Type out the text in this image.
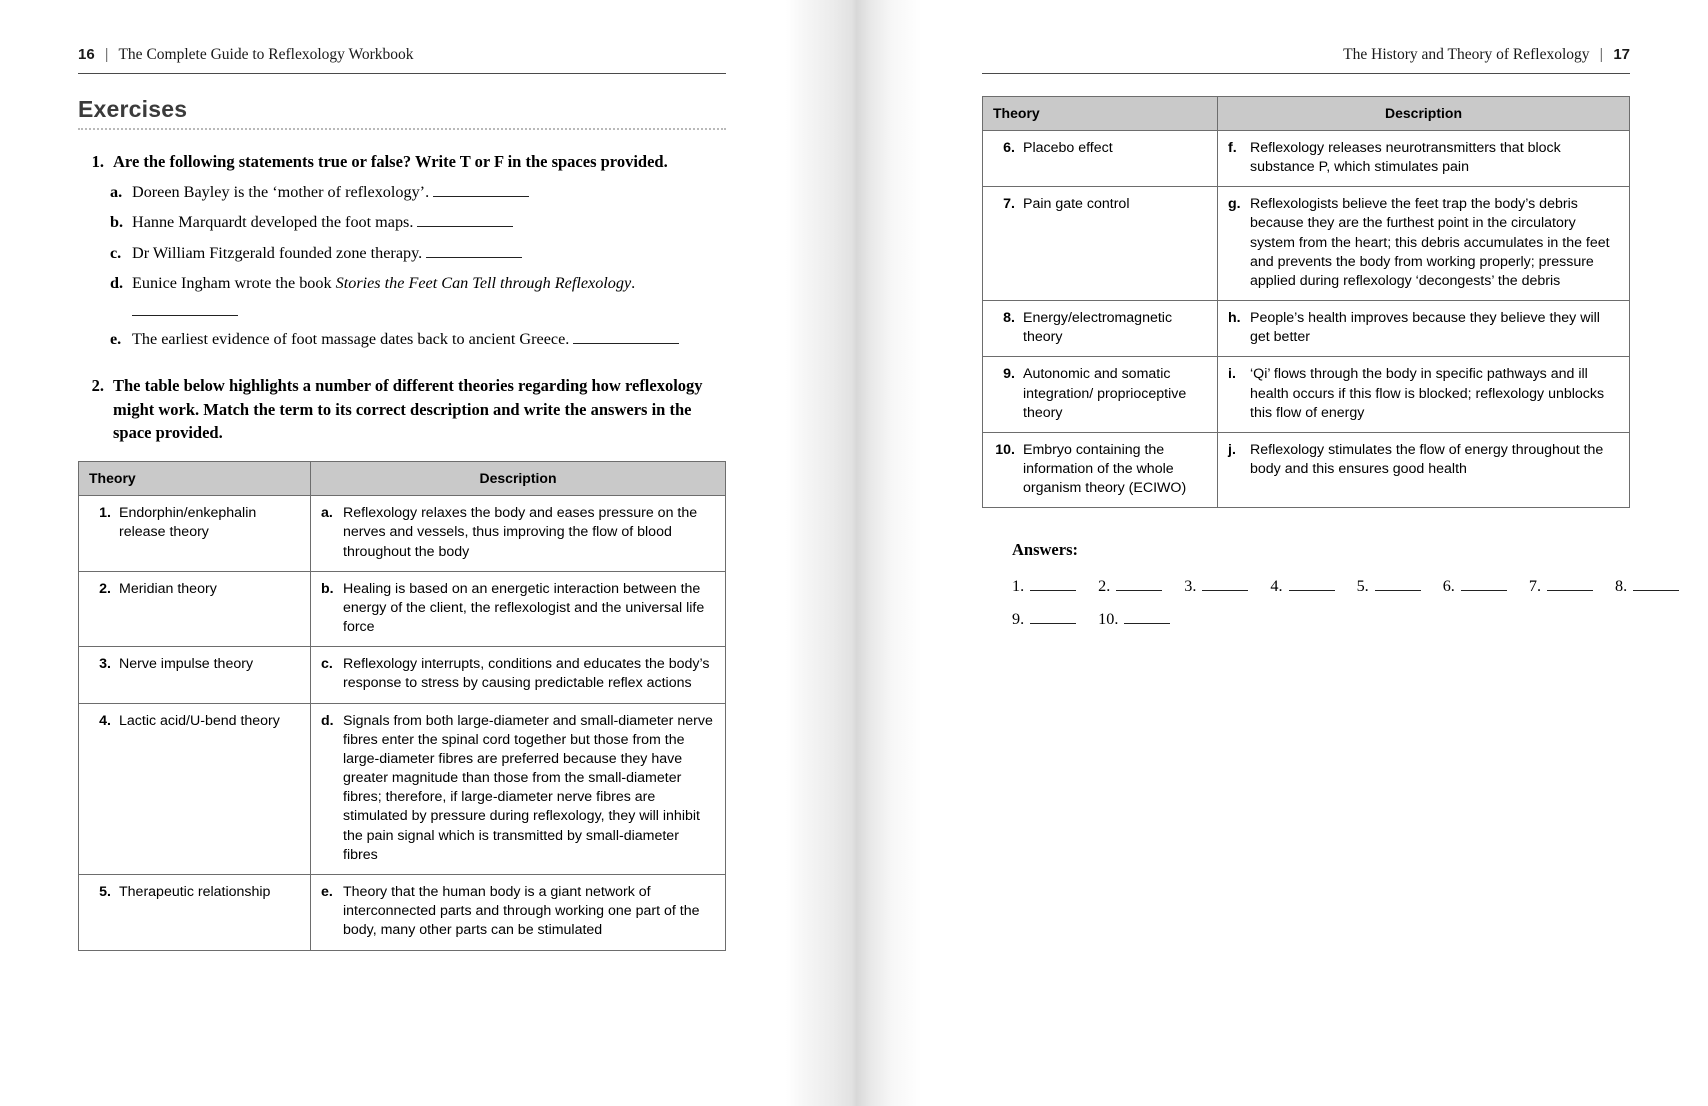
16 | The Complete Guide to Reflexology Workbook
Exercises
1. Are the following statements true or false? Write T or F in the spaces provided.
a. Doreen Bayley is the ‘mother of reflexology’.
b. Hanne Marquardt developed the foot maps.
c. Dr William Fitzgerald founded zone therapy.
d. Eunice Ingham wrote the book Stories the Feet Can Tell through Reflexology.
e. The earliest evidence of foot massage dates back to ancient Greece.
2. The table below highlights a number of different theories regarding how reflexology might work. Match the term to its correct description and write the answers in the space provided.
Theory	Description

1. Endorphin/enkephalin release theory	a. Reflexology relaxes the body and eases pressure on the nerves and vessels, thus improving the flow of blood throughout the body

2. Meridian theory	b. Healing is based on an energetic interaction between the energy of the client, the reflexologist and the universal life force

3. Nerve impulse theory	c. Reflexology interrupts, conditions and educates the body’s response to stress by causing predictable reflex actions

4. Lactic acid/U-bend theory	d. Signals from both large-diameter and small-diameter nerve fibres enter the spinal cord together but those from the large-diameter fibres are preferred because they have greater magnitude than those from the small-diameter fibres; therefore, if large-diameter nerve fibres are stimulated by pressure during reflexology, they will inhibit the pain signal which is transmitted by small-diameter fibres

5. Therapeutic relationship	e. Theory that the human body is a giant network of interconnected parts and through working one part of the body, many other parts can be stimulated
The History and Theory of Reflexology | 17
Theory	Description

6. Placebo effect	f. Reflexology releases neurotransmitters that block substance P, which stimulates pain

7. Pain gate control	g. Reflexologists believe the feet trap the body’s debris because they are the furthest point in the circulatory system from the heart; this debris accumulates in the feet and prevents the body from working properly; pressure applied during reflexology ‘decongests’ the debris

8. Energy/electromagnetic theory	h. People’s health improves because they believe they will get better

9. Autonomic and somatic integration/ proprioceptive theory	i. ‘Qi’ flows through the body in specific pathways and ill health occurs if this flow is blocked; reflexology unblocks this flow of energy

10. Embryo containing the information of the whole organism theory (ECIWO)	j. Reflexology stimulates the flow of energy throughout the body and this ensures good health
Answers:
1.	2.	3.	4.	5.	6.	7.	8.
9.	10.
